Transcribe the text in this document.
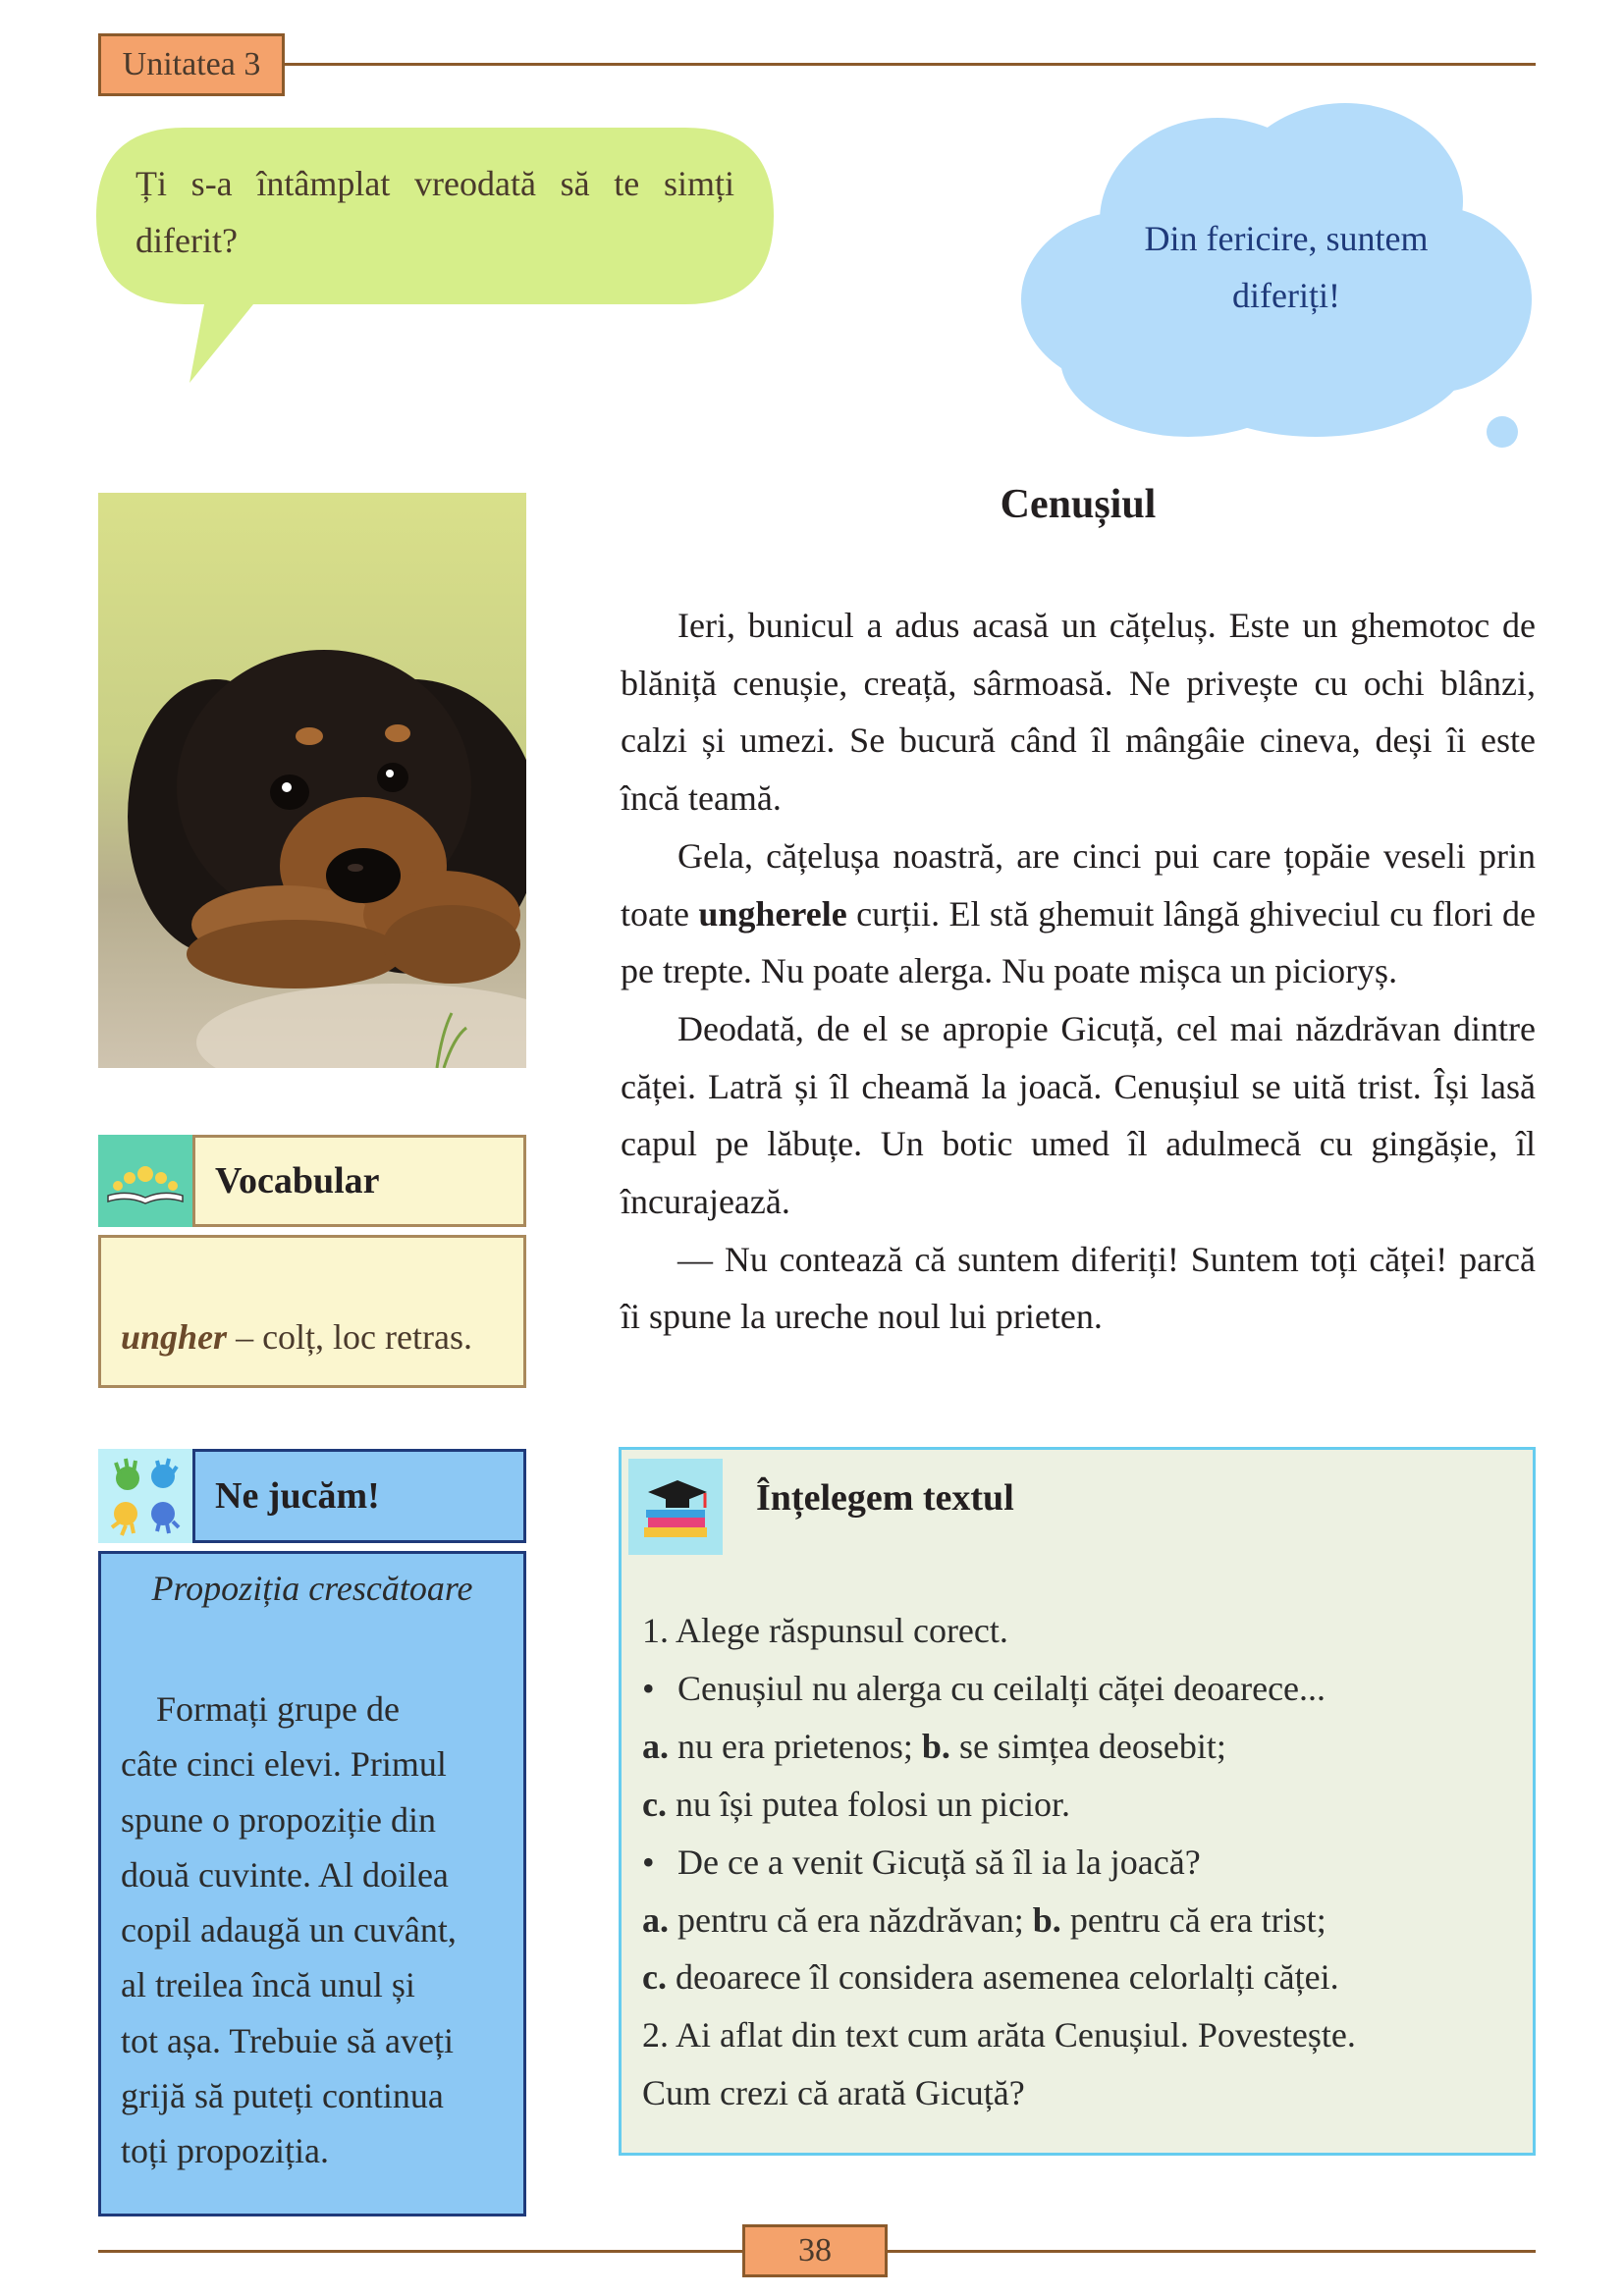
Unitatea 3
Ți s-a întâmplat vreodată să te simți diferit?	Din fericire, suntem
diferiți!
Cenușiul

Ieri, bunicul a adus acasă un cățeluș. Este un ghemotoc de blăniță cenușie, creață, sârmoasă. Ne privește cu ochi blânzi, calzi și umezi. Se bucură când îl mângâie cineva, deși îi este încă teamă.

Gela, cățelușa noastră, are cinci pui care țopăie veseli prin toate ungherele curții. El stă ghemuit lângă ghiveciul cu flori de pe trepte. Nu poate alerga. Nu poate mișca un piciorуș.

Deodată, de el se apropie Gicuță, cel mai năzdrăvan dintre cățeі. Latră și îl cheamă la joacă. Cenușiul se uită trist. Își lasă capul pe lăbuțe. Un botic umed îl adulmecă cu gingășie, îl încurajează.

— Nu contează că suntem diferiți! Suntem toți cățeі! parcă îi spune la ureche noul lui prieten.

Vocabular
ungher – colț, loc retras.
Ne jucăm!
Propoziția crescătoare
Formați grupe de
câte cinci elevi. Primul
spune o propoziție din
două cuvinte. Al doilea
copil adaugă un cuvânt,
al treilea încă unul și
tot așa. Trebuie să aveți
grijă să puteți continua
toți propoziția.
Înțelegem textul
1. Alege răspunsul corect.
• Cenușiul nu alerga cu ceilalți cățeі deoarece...
a. nu era prietenos; b. se simțea deosebit;
c. nu își putea folosi un picior.
• De ce a venit Gicuță să îl ia la joacă?
a. pentru că era năzdrăvan; b. pentru că era trist;
c. deoarece îl considera asemenea celorlalți cățeі.
2. Ai aflat din text cum arăta Cenușiul. Povestește.
Cum crezi că arată Gicuță?
38
